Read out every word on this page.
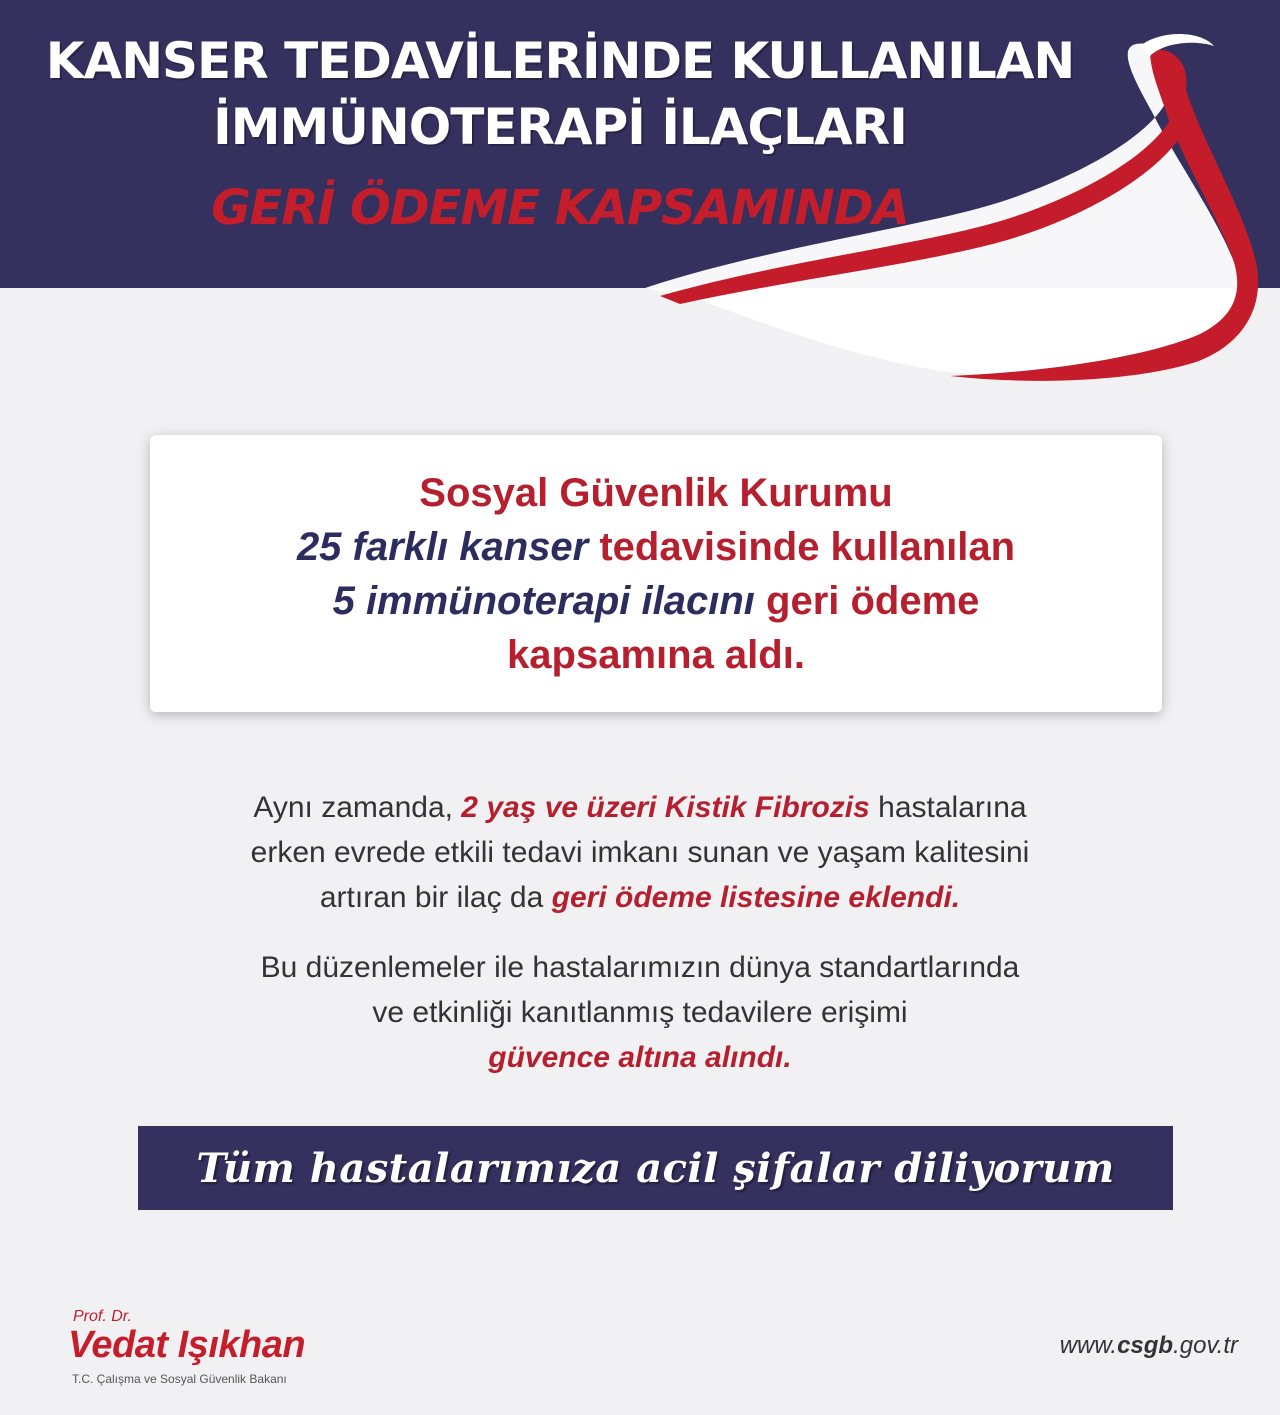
KANSER TEDAVİLERİNDE KULLANILAN
İMMÜNOTERAPİ İLAÇLARI
GERİ ÖDEME KAPSAMINDA
Sosyal Güvenlik Kurumu
25 farklı kanser tedavisinde kullanılan
5 immünoterapi ilacını geri ödeme
kapsamına aldı.
Aynı zamanda, 2 yaş ve üzeri Kistik Fibrozis hastalarına
erken evrede etkili tedavi imkanı sunan ve yaşam kalitesini
artıran bir ilaç da geri ödeme listesine eklendi.
Bu düzenlemeler ile hastalarımızın dünya standartlarında
ve etkinliği kanıtlanmış tedavilere erişimi
güvence altına alındı.
Tüm hastalarımıza acil şifalar diliyorum
Prof. Dr.
Vedat Işıkhan
T.C. Çalışma ve Sosyal Güvenlik Bakanı
www.csgb.gov.tr
